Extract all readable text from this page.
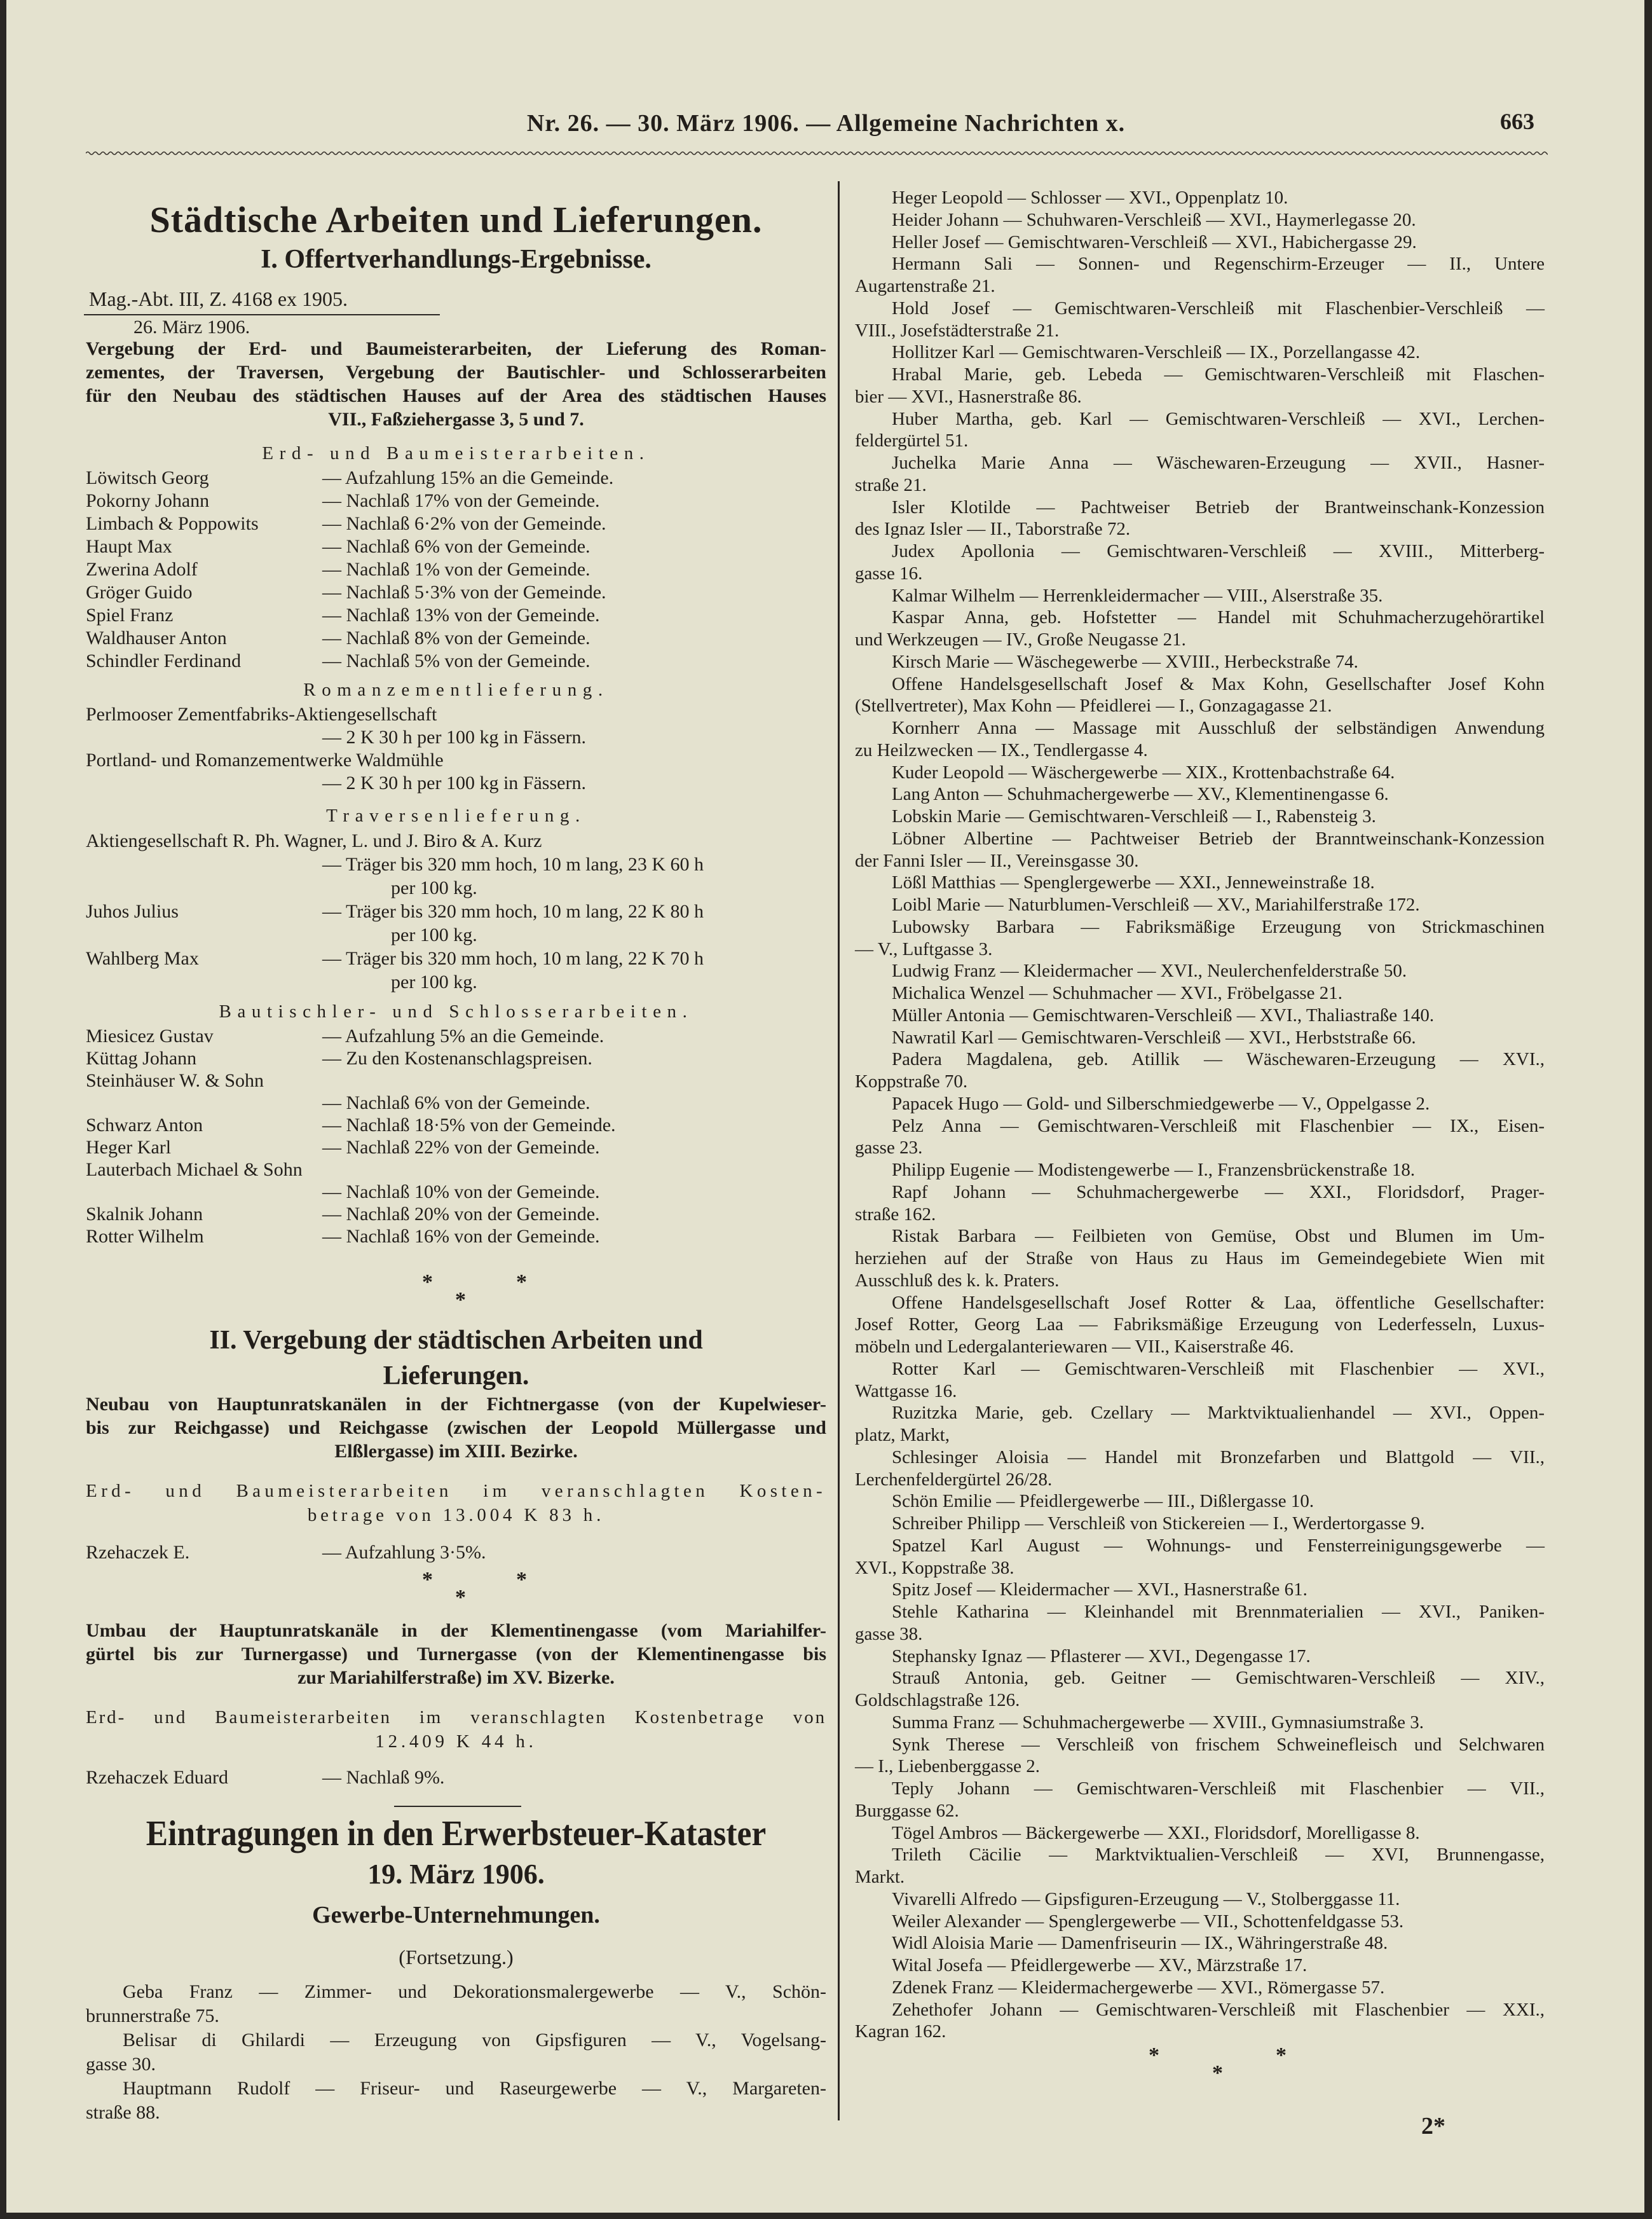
Nr. 26. — 30. März 1906. — Allgemeine Nachrichten x.	663
Städtische Arbeiten und Lieferungen.
I. Offertverhandlungs-Ergebnisse.
Mag.-Abt. III, Z. 4168 ex 1905.
26. März 1906.
Vergebung der Erd- und Baumeisterarbeiten, der Lieferung des Roman-
zementes, der Traversen, Vergebung der Bautischler- und Schlosserarbeiten
für den Neubau des städtischen Hauses auf der Area des städtischen Hauses
VII., Faßziehergasse 3, 5 und 7.
Erd- und Baumeisterarbeiten.
Löwitsch Georg	— Aufzahlung 15% an die Gemeinde.
Pokorny Johann	— Nachlaß 17% von der Gemeinde.
Limbach & Poppowits	— Nachlaß 6·2% von der Gemeinde.
Haupt Max	— Nachlaß 6% von der Gemeinde.
Zwerina Adolf	— Nachlaß 1% von der Gemeinde.
Gröger Guido	— Nachlaß 5·3% von der Gemeinde.
Spiel Franz	— Nachlaß 13% von der Gemeinde.
Waldhauser Anton	— Nachlaß 8% von der Gemeinde.
Schindler Ferdinand	— Nachlaß 5% von der Gemeinde.
Romanzementlieferung.
Perlmooser Zementfabriks-Aktiengesellschaft
— 2 K 30 h per 100 kg in Fässern.
Portland- und Romanzementwerke Waldmühle
— 2 K 30 h per 100 kg in Fässern.
Traversenlieferung.
Aktiengesellschaft R. Ph. Wagner, L. und J. Biro & A. Kurz
— Träger bis 320 mm hoch, 10 m lang, 23 K 60 h
per 100 kg.
Juhos Julius	— Träger bis 320 mm hoch, 10 m lang, 22 K 80 h
per 100 kg.
Wahlberg Max	— Träger bis 320 mm hoch, 10 m lang, 22 K 70 h
per 100 kg.
Bautischler- und Schlosserarbeiten.
Miesicez Gustav	— Aufzahlung 5% an die Gemeinde.
Küttag Johann	— Zu den Kostenanschlagspreisen.
Steinhäuser W. & Sohn
— Nachlaß 6% von der Gemeinde.
Schwarz Anton	— Nachlaß 18·5% von der Gemeinde.
Heger Karl	— Nachlaß 22% von der Gemeinde.
Lauterbach Michael & Sohn
— Nachlaß 10% von der Gemeinde.
Skalnik Johann	— Nachlaß 20% von der Gemeinde.
Rotter Wilhelm	— Nachlaß 16% von der Gemeinde.
*	*
*
II. Vergebung der städtischen Arbeiten und
Lieferungen.
Neubau von Hauptunratskanälen in der Fichtnergasse (von der Kupelwieser-
bis zur Reichgasse) und Reichgasse (zwischen der Leopold Müllergasse und
Elßlergasse) im XIII. Bezirke.
Erd- und Baumeisterarbeiten im veranschlagten Kosten-
betrage von 13.004 K 83 h.
Rzehaczek E.	— Aufzahlung 3·5%.
*	*
*
Umbau der Hauptunratskanäle in der Klementinengasse (vom Mariahilfer-
gürtel bis zur Turnergasse) und Turnergasse (von der Klementinengasse bis
zur Mariahilferstraße) im XV. Bizerke.
Erd- und Baumeisterarbeiten im veranschlagten Kostenbetrage von
12.409 K 44 h.
Rzehaczek Eduard	— Nachlaß 9%.
Eintragungen in den Erwerbsteuer-Kataster
19. März 1906.
Gewerbe-Unternehmungen.
(Fortsetzung.)
Geba Franz — Zimmer- und Dekorationsmalergewerbe — V., Schön-
brunnerstraße 75.
Belisar di Ghilardi — Erzeugung von Gipsfiguren — V., Vogelsang-
gasse 30.
Hauptmann Rudolf — Friseur- und Raseurgewerbe — V., Margareten-
straße 88.
Heger Leopold — Schlosser — XVI., Oppenplatz 10.
Heider Johann — Schuhwaren-Verschleiß — XVI., Haymerlegasse 20.
Heller Josef — Gemischtwaren-Verschleiß — XVI., Habichergasse 29.
Hermann Sali — Sonnen- und Regenschirm-Erzeuger — II., Untere
Augartenstraße 21.
Hold Josef — Gemischtwaren-Verschleiß mit Flaschenbier-Verschleiß —
VIII., Josefstädterstraße 21.
Hollitzer Karl — Gemischtwaren-Verschleiß — IX., Porzellangasse 42.
Hrabal Marie, geb. Lebeda — Gemischtwaren-Verschleiß mit Flaschen-
bier — XVI., Hasnerstraße 86.
Huber Martha, geb. Karl — Gemischtwaren-Verschleiß — XVI., Lerchen-
feldergürtel 51.
Juchelka Marie Anna — Wäschewaren-Erzeugung — XVII., Hasner-
straße 21.
Isler Klotilde — Pachtweiser Betrieb der Brantweinschank-Konzession
des Ignaz Isler — II., Taborstraße 72.
Judex Apollonia — Gemischtwaren-Verschleiß — XVIII., Mitterberg-
gasse 16.
Kalmar Wilhelm — Herrenkleidermacher — VIII., Alserstraße 35.
Kaspar Anna, geb. Hofstetter — Handel mit Schuhmacherzugehörartikel
und Werkzeugen — IV., Große Neugasse 21.
Kirsch Marie — Wäschegewerbe — XVIII., Herbeckstraße 74.
Offene Handelsgesellschaft Josef & Max Kohn, Gesellschafter Josef Kohn
(Stellvertreter), Max Kohn — Pfeidlerei — I., Gonzagagasse 21.
Kornherr Anna — Massage mit Ausschluß der selbständigen Anwendung
zu Heilzwecken — IX., Tendlergasse 4.
Kuder Leopold — Wäschergewerbe — XIX., Krottenbachstraße 64.
Lang Anton — Schuhmachergewerbe — XV., Klementinengasse 6.
Lobskin Marie — Gemischtwaren-Verschleiß — I., Rabensteig 3.
Löbner Albertine — Pachtweiser Betrieb der Branntweinschank-Konzession
der Fanni Isler — II., Vereinsgasse 30.
Lößl Matthias — Spenglergewerbe — XXI., Jenneweinstraße 18.
Loibl Marie — Naturblumen-Verschleiß — XV., Mariahilferstraße 172.
Lubowsky Barbara — Fabriksmäßige Erzeugung von Strickmaschinen
— V., Luftgasse 3.
Ludwig Franz — Kleidermacher — XVI., Neulerchenfelderstraße 50.
Michalica Wenzel — Schuhmacher — XVI., Fröbelgasse 21.
Müller Antonia — Gemischtwaren-Verschleiß — XVI., Thaliastraße 140.
Nawratil Karl — Gemischtwaren-Verschleiß — XVI., Herbststraße 66.
Padera Magdalena, geb. Atillik — Wäschewaren-Erzeugung — XVI.,
Koppstraße 70.
Papacek Hugo — Gold- und Silberschmiedgewerbe — V., Oppelgasse 2.
Pelz Anna — Gemischtwaren-Verschleiß mit Flaschenbier — IX., Eisen-
gasse 23.
Philipp Eugenie — Modistengewerbe — I., Franzensbrückenstraße 18.
Rapf Johann — Schuhmachergewerbe — XXI., Floridsdorf, Prager-
straße 162.
Ristak Barbara — Feilbieten von Gemüse, Obst und Blumen im Um-
herziehen auf der Straße von Haus zu Haus im Gemeindegebiete Wien mit
Ausschluß des k. k. Praters.
Offene Handelsgesellschaft Josef Rotter & Laa, öffentliche Gesellschafter:
Josef Rotter, Georg Laa — Fabriksmäßige Erzeugung von Lederfesseln, Luxus-
möbeln und Ledergalanteriewaren — VII., Kaiserstraße 46.
Rotter Karl — Gemischtwaren-Verschleiß mit Flaschenbier — XVI.,
Wattgasse 16.
Ruzitzka Marie, geb. Czellary — Marktviktualienhandel — XVI., Oppen-
platz, Markt,
Schlesinger Aloisia — Handel mit Bronzefarben und Blattgold — VII.,
Lerchenfeldergürtel 26/28.
Schön Emilie — Pfeidlergewerbe — III., Dißlergasse 10.
Schreiber Philipp — Verschleiß von Stickereien — I., Werdertorgasse 9.
Spatzel Karl August — Wohnungs- und Fensterreinigungsgewerbe —
XVI., Koppstraße 38.
Spitz Josef — Kleidermacher — XVI., Hasnerstraße 61.
Stehle Katharina — Kleinhandel mit Brennmaterialien — XVI., Paniken-
gasse 38.
Stephansky Ignaz — Pflasterer — XVI., Degengasse 17.
Strauß Antonia, geb. Geitner — Gemischtwaren-Verschleiß — XIV.,
Goldschlagstraße 126.
Summa Franz — Schuhmachergewerbe — XVIII., Gymnasiumstraße 3.
Synk Therese — Verschleiß von frischem Schweinefleisch und Selchwaren
— I., Liebenberggasse 2.
Teply Johann — Gemischtwaren-Verschleiß mit Flaschenbier — VII.,
Burggasse 62.
Tögel Ambros — Bäckergewerbe — XXI., Floridsdorf, Morelligasse 8.
Trileth Cäcilie — Marktviktualien-Verschleiß — XVI, Brunnengasse,
Markt.
Vivarelli Alfredo — Gipsfiguren-Erzeugung — V., Stolberggasse 11.
Weiler Alexander — Spenglergewerbe — VII., Schottenfeldgasse 53.
Widl Aloisia Marie — Damenfriseurin — IX., Währingerstraße 48.
Wital Josefa — Pfeidlergewerbe — XV., Märzstraße 17.
Zdenek Franz — Kleidermachergewerbe — XVI., Römergasse 57.
Zehethofer Johann — Gemischtwaren-Verschleiß mit Flaschenbier — XXI.,
Kagran 162.
*	*
*
2*
